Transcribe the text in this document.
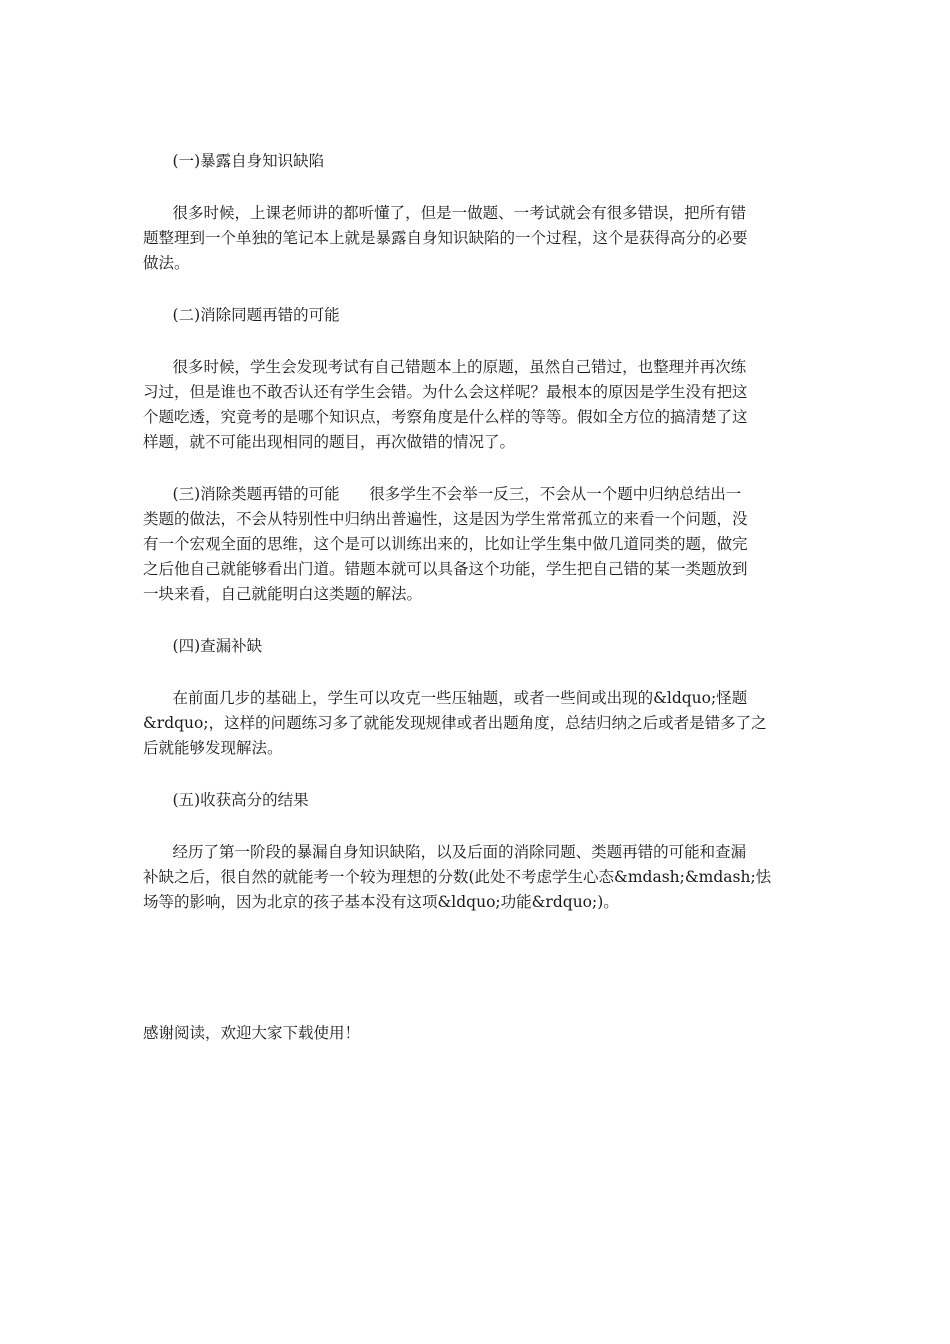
(一)暴露自身知识缺陷

很多时候，上课老师讲的都听懂了，但是一做题、一考试就会有很多错误，把所有错

题整理到一个单独的笔记本上就是暴露自身知识缺陷的一个过程，这个是获得高分的必要

做法。

(二)消除同题再错的可能

很多时候，学生会发现考试有自己错题本上的原题，虽然自己错过，也整理并再次练

习过，但是谁也不敢否认还有学生会错。为什么会这样呢？最根本的原因是学生没有把这

个题吃透，究竟考的是哪个知识点，考察角度是什么样的等等。假如全方位的搞清楚了这

样题，就不可能出现相同的题目，再次做错的情况了。

(三)消除类题再错的可能      很多学生不会举一反三，不会从一个题中归纳总结出一

类题的做法，不会从特别性中归纳出普遍性，这是因为学生常常孤立的来看一个问题，没

有一个宏观全面的思维，这个是可以训练出来的，比如让学生集中做几道同类的题，做完

之后他自己就能够看出门道。错题本就可以具备这个功能，学生把自己错的某一类题放到

一块来看，自己就能明白这类题的解法。

(四)查漏补缺

在前面几步的基础上，学生可以攻克一些压轴题，或者一些间或出现的&ldquo;怪题

&rdquo;，这样的问题练习多了就能发现规律或者出题角度，总结归纳之后或者是错多了之

后就能够发现解法。

(五)收获高分的结果

经历了第一阶段的暴漏自身知识缺陷，以及后面的消除同题、类题再错的可能和查漏

补缺之后，很自然的就能考一个较为理想的分数(此处不考虑学生心态&mdash;&mdash;怯

场等的影响，因为北京的孩子基本没有这项&ldquo;功能&rdquo;)。

感谢阅读，欢迎大家下载使用！
